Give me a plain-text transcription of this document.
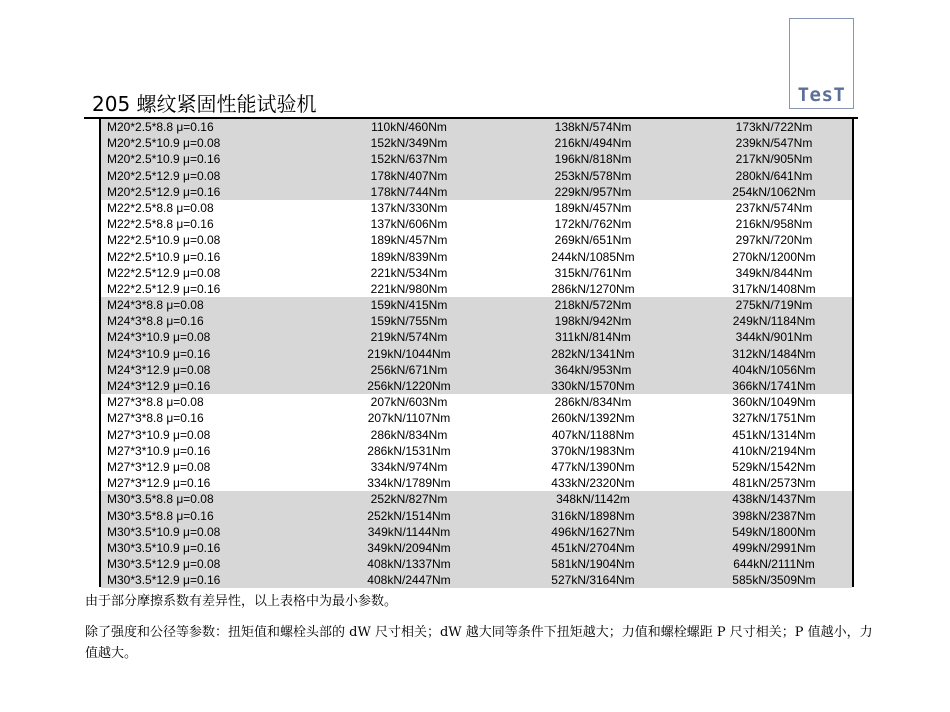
TesT
205 螺纹紧固性能试验机
M20*2.5*8.8 μ=0.16	110kN/460Nm	138kN/574Nm	173kN/722Nm
M20*2.5*10.9 μ=0.08	152kN/349Nm	216kN/494Nm	239kN/547Nm
M20*2.5*10.9 μ=0.16	152kN/637Nm	196kN/818Nm	217kN/905Nm
M20*2.5*12.9 μ=0.08	178kN/407Nm	253kN/578Nm	280kN/641Nm
M20*2.5*12.9 μ=0.16	178kN/744Nm	229kN/957Nm	254kN/1062Nm
M22*2.5*8.8 μ=0.08	137kN/330Nm	189kN/457Nm	237kN/574Nm
M22*2.5*8.8 μ=0.16	137kN/606Nm	172kN/762Nm	216kN/958Nm
M22*2.5*10.9 μ=0.08	189kN/457Nm	269kN/651Nm	297kN/720Nm
M22*2.5*10.9 μ=0.16	189kN/839Nm	244kN/1085Nm	270kN/1200Nm
M22*2.5*12.9 μ=0.08	221kN/534Nm	315kN/761Nm	349kN/844Nm
M22*2.5*12.9 μ=0.16	221kN/980Nm	286kN/1270Nm	317kN/1408Nm
M24*3*8.8 μ=0.08	159kN/415Nm	218kN/572Nm	275kN/719Nm
M24*3*8.8 μ=0.16	159kN/755Nm	198kN/942Nm	249kN/1184Nm
M24*3*10.9 μ=0.08	219kN/574Nm	311kN/814Nm	344kN/901Nm
M24*3*10.9 μ=0.16	219kN/1044Nm	282kN/1341Nm	312kN/1484Nm
M24*3*12.9 μ=0.08	256kN/671Nm	364kN/953Nm	404kN/1056Nm
M24*3*12.9 μ=0.16	256kN/1220Nm	330kN/1570Nm	366kN/1741Nm
M27*3*8.8 μ=0.08	207kN/603Nm	286kN/834Nm	360kN/1049Nm
M27*3*8.8 μ=0.16	207kN/1107Nm	260kN/1392Nm	327kN/1751Nm
M27*3*10.9 μ=0.08	286kN/834Nm	407kN/1188Nm	451kN/1314Nm
M27*3*10.9 μ=0.16	286kN/1531Nm	370kN/1983Nm	410kN/2194Nm
M27*3*12.9 μ=0.08	334kN/974Nm	477kN/1390Nm	529kN/1542Nm
M27*3*12.9 μ=0.16	334kN/1789Nm	433kN/2320Nm	481kN/2573Nm
M30*3.5*8.8 μ=0.08	252kN/827Nm	348kN/1142m	438kN/1437Nm
M30*3.5*8.8 μ=0.16	252kN/1514Nm	316kN/1898Nm	398kN/2387Nm
M30*3.5*10.9 μ=0.08	349kN/1144Nm	496kN/1627Nm	549kN/1800Nm
M30*3.5*10.9 μ=0.16	349kN/2094Nm	451kN/2704Nm	499kN/2991Nm
M30*3.5*12.9 μ=0.08	408kN/1337Nm	581kN/1904Nm	644kN/2111Nm
M30*3.5*12.9 μ=0.16	408kN/2447Nm	527kN/3164Nm	585kN/3509Nm
由于部分摩擦系数有差异性，以上表格中为最小参数。
除了强度和公径等参数：扭矩值和螺栓头部的 dW 尺寸相关；dW 越大同等条件下扭矩越大；力值和螺栓螺距 P 尺寸相关；P 值越小，力值越大。
